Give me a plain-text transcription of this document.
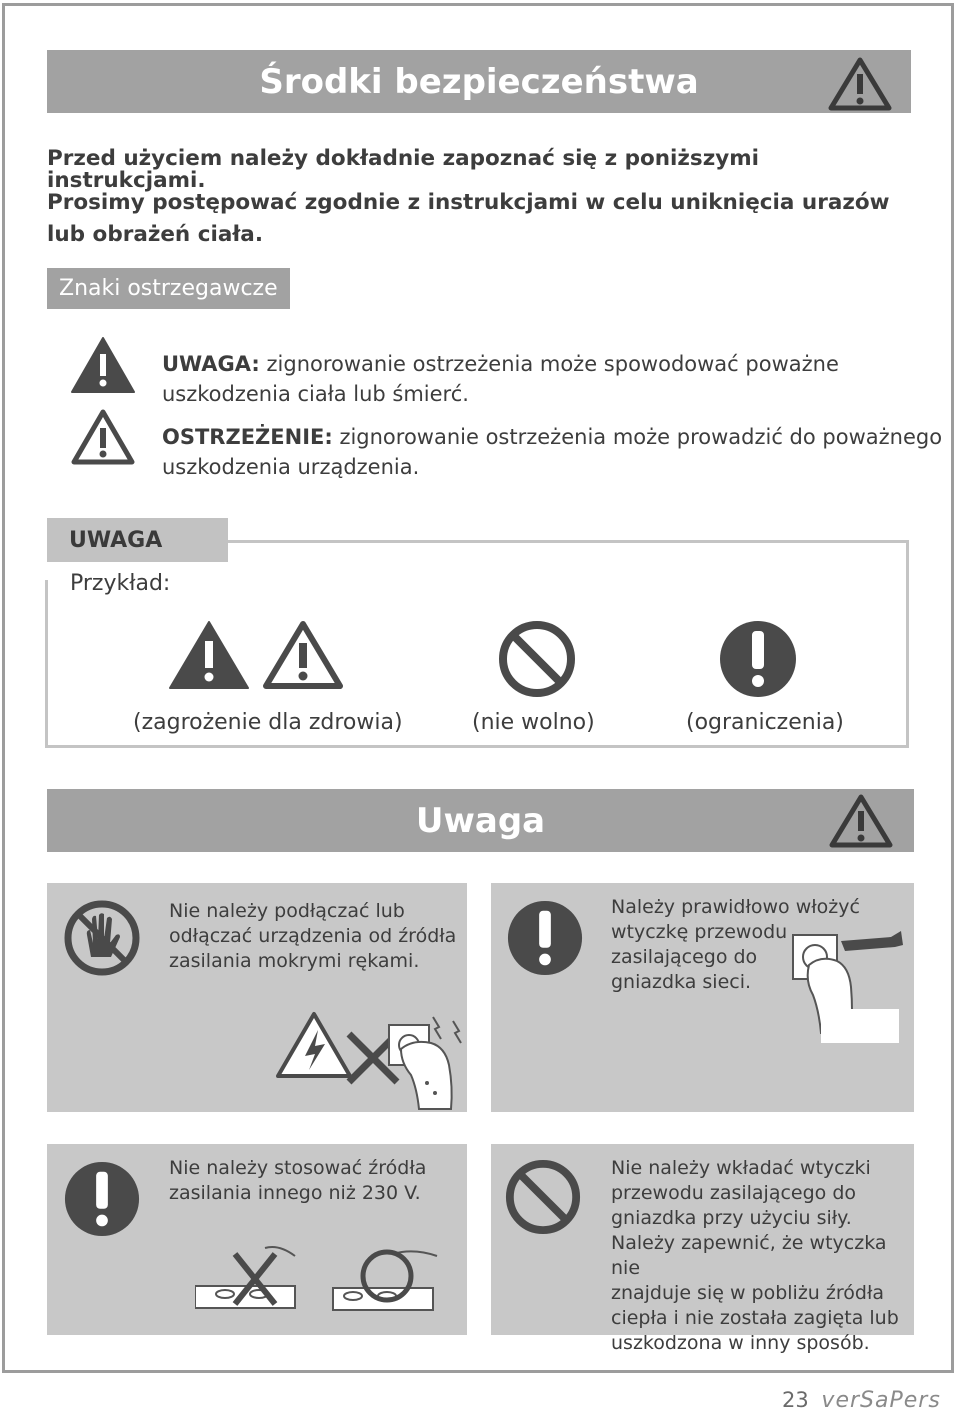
Środki bezpieczeństwa
Przed użyciem należy dokładnie zapoznać się z poniższymi instrukcjami.
Prosimy postępować zgodnie z instrukcjami w celu uniknięcia urazów
lub obrażeń ciała.
Znaki ostrzegawcze
UWAGA: zignorowanie ostrzeżenia może spowodować poważne
uszkodzenia ciała lub śmierć.
OSTRZEŻENIE: zignorowanie ostrzeżenia może prowadzić do poważnego
uszkodzenia urządzenia.
UWAGA
Przykład:
(zagrożenie dla zdrowia)	(nie wolno)	(ograniczenia)
Uwaga
Nie należy podłączać lub
odłączać urządzenia od źródła
zasilania mokrymi rękami.
Należy prawidłowo włożyć
wtyczkę przewodu
zasilającego do
gniazdka sieci.
Nie należy stosować źródła
zasilania innego niż 230 V.
Nie należy wkładać wtyczki
przewodu zasilającego do
gniazdka przy użyciu siły.
Należy zapewnić, że wtyczka nie
znajduje się w pobliżu źródła
ciepła i nie została zagięta lub
uszkodzona w inny sposób.
23 verSaPers
